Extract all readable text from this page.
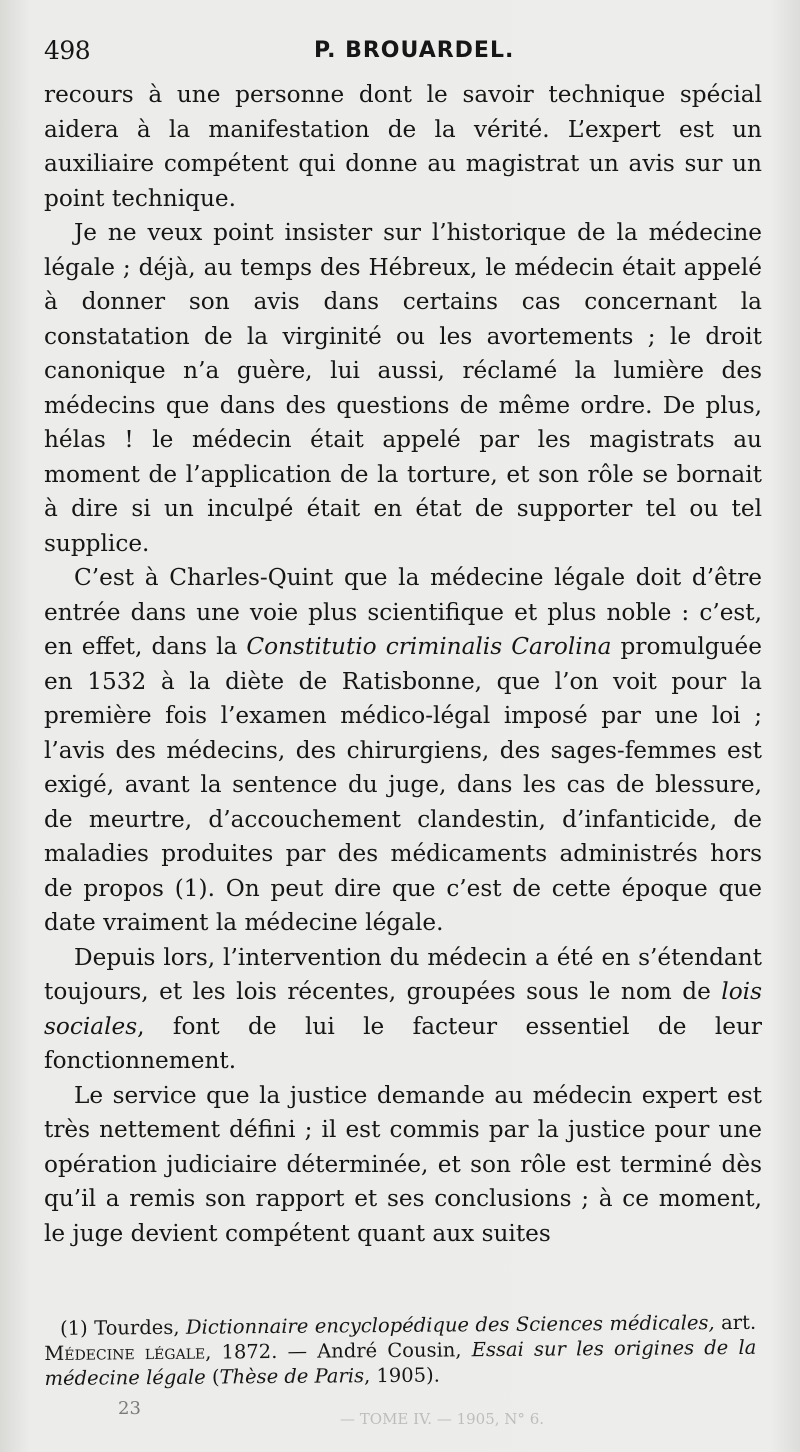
498	P. BROUARDEL.

recours à une personne dont le savoir technique spécial aidera à la manifestation de la vérité. L’expert est un auxiliaire compétent qui donne au magistrat un avis sur un point technique.

Je ne veux point insister sur l’historique de la médecine légale ; déjà, au temps des Hébreux, le médecin était appelé à donner son avis dans certains cas concernant la constatation de la virginité ou les avortements ; le droit canonique n’a guère, lui aussi, réclamé la lumière des médecins que dans des questions de même ordre. De plus, hélas ! le médecin était appelé par les magistrats au moment de l’application de la torture, et son rôle se bornait à dire si un inculpé était en état de supporter tel ou tel supplice.

C’est à Charles-Quint que la médecine légale doit d’être entrée dans une voie plus scientifique et plus noble : c’est, en effet, dans la Constitutio criminalis Carolina promulguée en 1532 à la diète de Ratisbonne, que l’on voit pour la première fois l’examen médico-légal imposé par une loi ; l’avis des médecins, des chirurgiens, des sages-femmes est exigé, avant la sentence du juge, dans les cas de blessure, de meurtre, d’accouchement clandestin, d’infanticide, de maladies produites par des médicaments administrés hors de propos (1). On peut dire que c’est de cette époque que date vraiment la médecine légale.

Depuis lors, l’intervention du médecin a été en s’étendant toujours, et les lois récentes, groupées sous le nom de lois sociales, font de lui le facteur essentiel de leur fonctionnement.

Le service que la justice demande au médecin expert est très nettement défini ; il est commis par la justice pour une opération judiciaire déterminée, et son rôle est terminé dès qu’il a remis son rapport et ses conclusions ; à ce moment, le juge devient compétent quant aux suites

(1) Tourdes, Dictionnaire encyclopédique des Sciences médicales, art. Médecine légale, 1872. — André Cousin, Essai sur les origines de la médecine légale (Thèse de Paris, 1905).

23	— TOME IV. — 1905, N° 6.
